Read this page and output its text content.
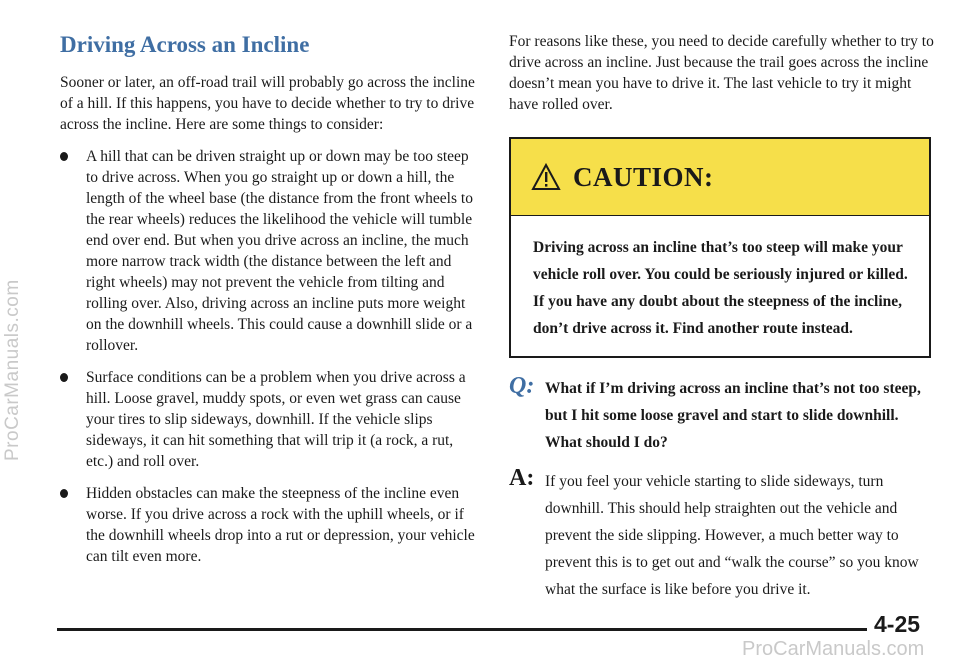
ProCarManuals.com
Driving Across an Incline

Sooner or later, an off-road trail will probably go across the incline of a hill. If this happens, you have to decide whether to try to drive across the incline. Here are some things to consider:

A hill that can be driven straight up or down may be too steep to drive across. When you go straight up or down a hill, the length of the wheel base (the distance from the front wheels to the rear wheels) reduces the likelihood the vehicle will tumble end over end. But when you drive across an incline, the much more narrow track width (the distance between the left and right wheels) may not prevent the vehicle from tilting and rolling over. Also, driving across an incline puts more weight on the downhill wheels. This could cause a downhill slide or a rollover.

Surface conditions can be a problem when you drive across a hill. Loose gravel, muddy spots, or even wet grass can cause your tires to slip sideways, downhill. If the vehicle slips sideways, it can hit something that will trip it (a rock, a rut, etc.) and roll over.

Hidden obstacles can make the steepness of the incline even worse. If you drive across a rock with the uphill wheels, or if the downhill wheels drop into a rut or depression, your vehicle can tilt even more.

For reasons like these, you need to decide carefully whether to try to drive across an incline. Just because the trail goes across the incline doesn’t mean you have to drive it. The last vehicle to try it might have rolled over.

CAUTION:

Driving across an incline that’s too steep will make your vehicle roll over. You could be seriously injured or killed. If you have any doubt about the steepness of the incline, don’t drive across it. Find another route instead.

Q: What if I’m driving across an incline that’s not too steep, but I hit some loose gravel and start to slide downhill. What should I do?

A: If you feel your vehicle starting to slide sideways, turn downhill. This should help straighten out the vehicle and prevent the side slipping. However, a much better way to prevent this is to get out and “walk the course” so you know what the surface is like before you drive it.

4-25
ProCarManuals.com
